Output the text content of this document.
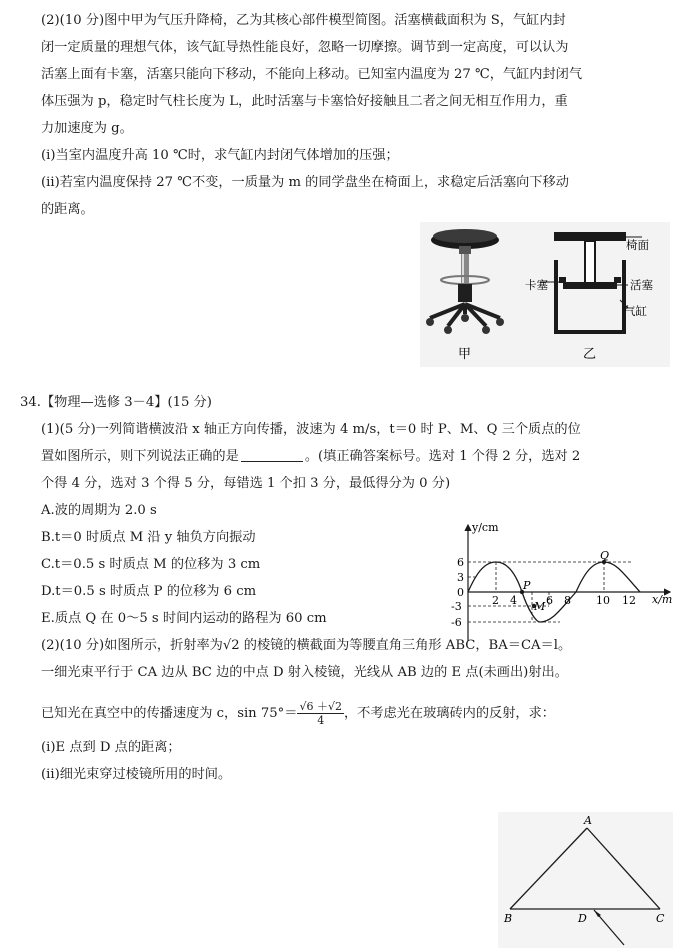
(2)(10 分)图中甲为气压升降椅，乙为其核心部件模型简图。活塞横截面积为 S，气缸内封
闭一定质量的理想气体，该气缸导热性能良好，忽略一切摩擦。调节到一定高度，可以认为
活塞上面有卡塞，活塞只能向下移动，不能向上移动。已知室内温度为 27 ℃，气缸内封闭气
体压强为 p，稳定时气柱长度为 L，此时活塞与卡塞恰好接触且二者之间无相互作用力，重
力加速度为 g。
(ⅰ)当室内温度升高 10 ℃时，求气缸内封闭气体增加的压强；
(ⅱ)若室内温度保持 27 ℃不变，一质量为 m 的同学盘坐在椅面上，求稳定后活塞向下移动
的距离。
甲
椅面
卡塞	活塞
气缸
乙
34.【物理—选修 3－4】(15 分)
(1)(5 分)一列简谐横波沿 x 轴正方向传播，波速为 4 m/s，t＝0 时 P、M、Q 三个质点的位
置如图所示，则下列说法正确的是	。(填正确答案标号。选对 1 个得 2 分，选对 2
个得 4 分，选对 3 个得 5 分，每错选 1 个扣 3 分，最低得分为 0 分)
A.波的周期为 2.0 s
B.t＝0 时质点 M 沿 y 轴负方向振动
C.t＝0.5 s 时质点 M 的位移为 3 cm
D.t＝0.5 s 时质点 P 的位移为 6 cm
E.质点 Q 在 0～5 s 时间内运动的路程为 60 cm
y/cm
x/m
6
3
0
-3
-6
2 4	6 8 10 12
P
M
Q
(2)(10 分)如图所示，折射率为√2 的棱镜的横截面为等腰直角三角形 ABC，BA＝CA＝l。
一细光束平行于 CA 边从 BC 边的中点 D 射入棱镜，光线从 AB 边的 E 点(未画出)射出。
已知光在真空中的传播速度为 c，$\sin 75^\circ= \frac{√6 +√2}{4}$ ，不考虑光在玻璃砖内的反射，求：
(ⅰ)E 点到 D 点的距离；
(ⅱ)细光束穿过棱镜所用的时间。
A
B	C
D
